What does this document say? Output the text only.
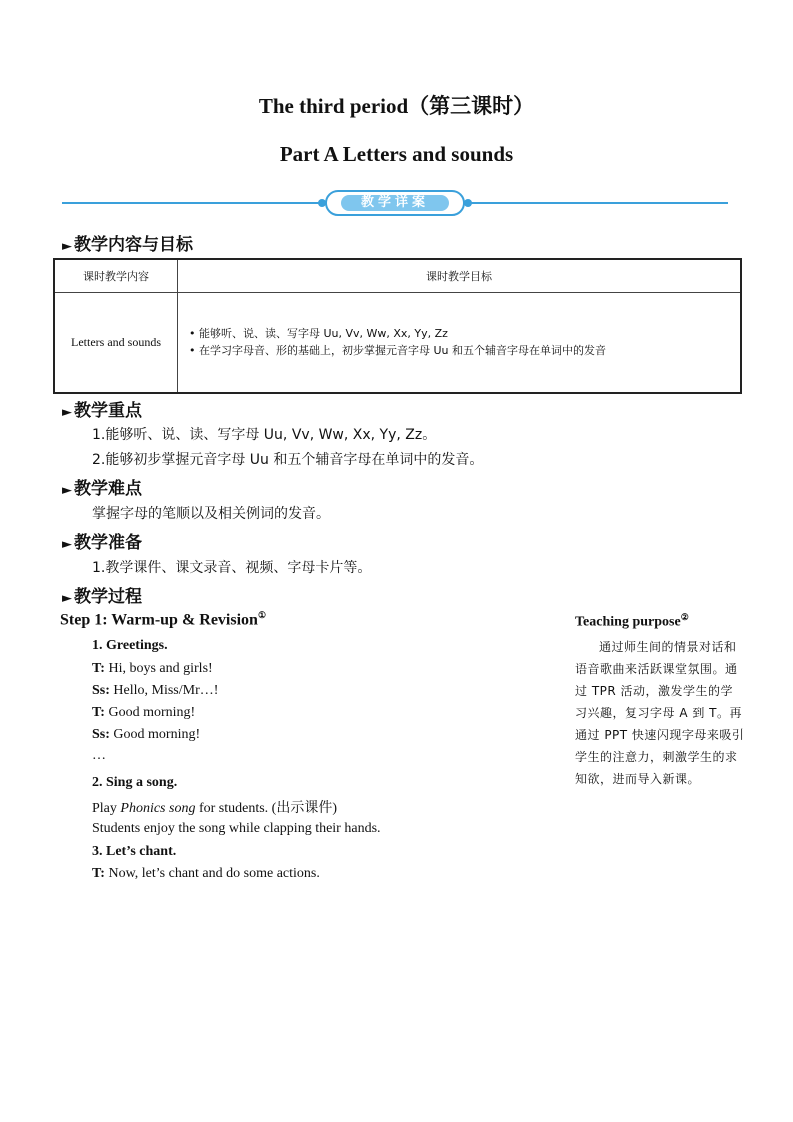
The third period（第三课时）
Part A Letters and sounds
教学详案
► 教学内容与目标
课时教学内容	课时教学目标
Letters and sounds	• 能够听、说、读、写字母 Uu, Vv, Ww, Xx, Yy, Zz
• 在学习字母音、形的基础上，初步掌握元音字母 Uu 和五个辅音字母在单词中的发音
► 教学重点
1.能够听、说、读、写字母 Uu, Vv, Ww, Xx, Yy, Zz。
2.能够初步掌握元音字母 Uu 和五个辅音字母在单词中的发音。
► 教学难点
掌握字母的笔顺以及相关例词的发音。
► 教学准备
1.教学课件、课文录音、视频、字母卡片等。
► 教学过程
Step 1: Warm-up & Revision①
1. Greetings.
T: Hi, boys and girls!
Ss: Hello, Miss/Mr…!
T: Good morning!
Ss: Good morning!
…
2. Sing a song.
Play Phonics song for students. (出示课件)
Students enjoy the song while clapping their hands.
3. Let’s chant.
T: Now, let’s chant and do some actions.
Teaching purpose②
通过师生间的情景对话和语音歌曲来活跃课堂氛围。通过 TPR 活动，激发学生的学习兴趣，复习字母 A 到 T。再通过 PPT 快速闪现字母来吸引学生的注意力，刺激学生的求知欲，进而导入新课。
